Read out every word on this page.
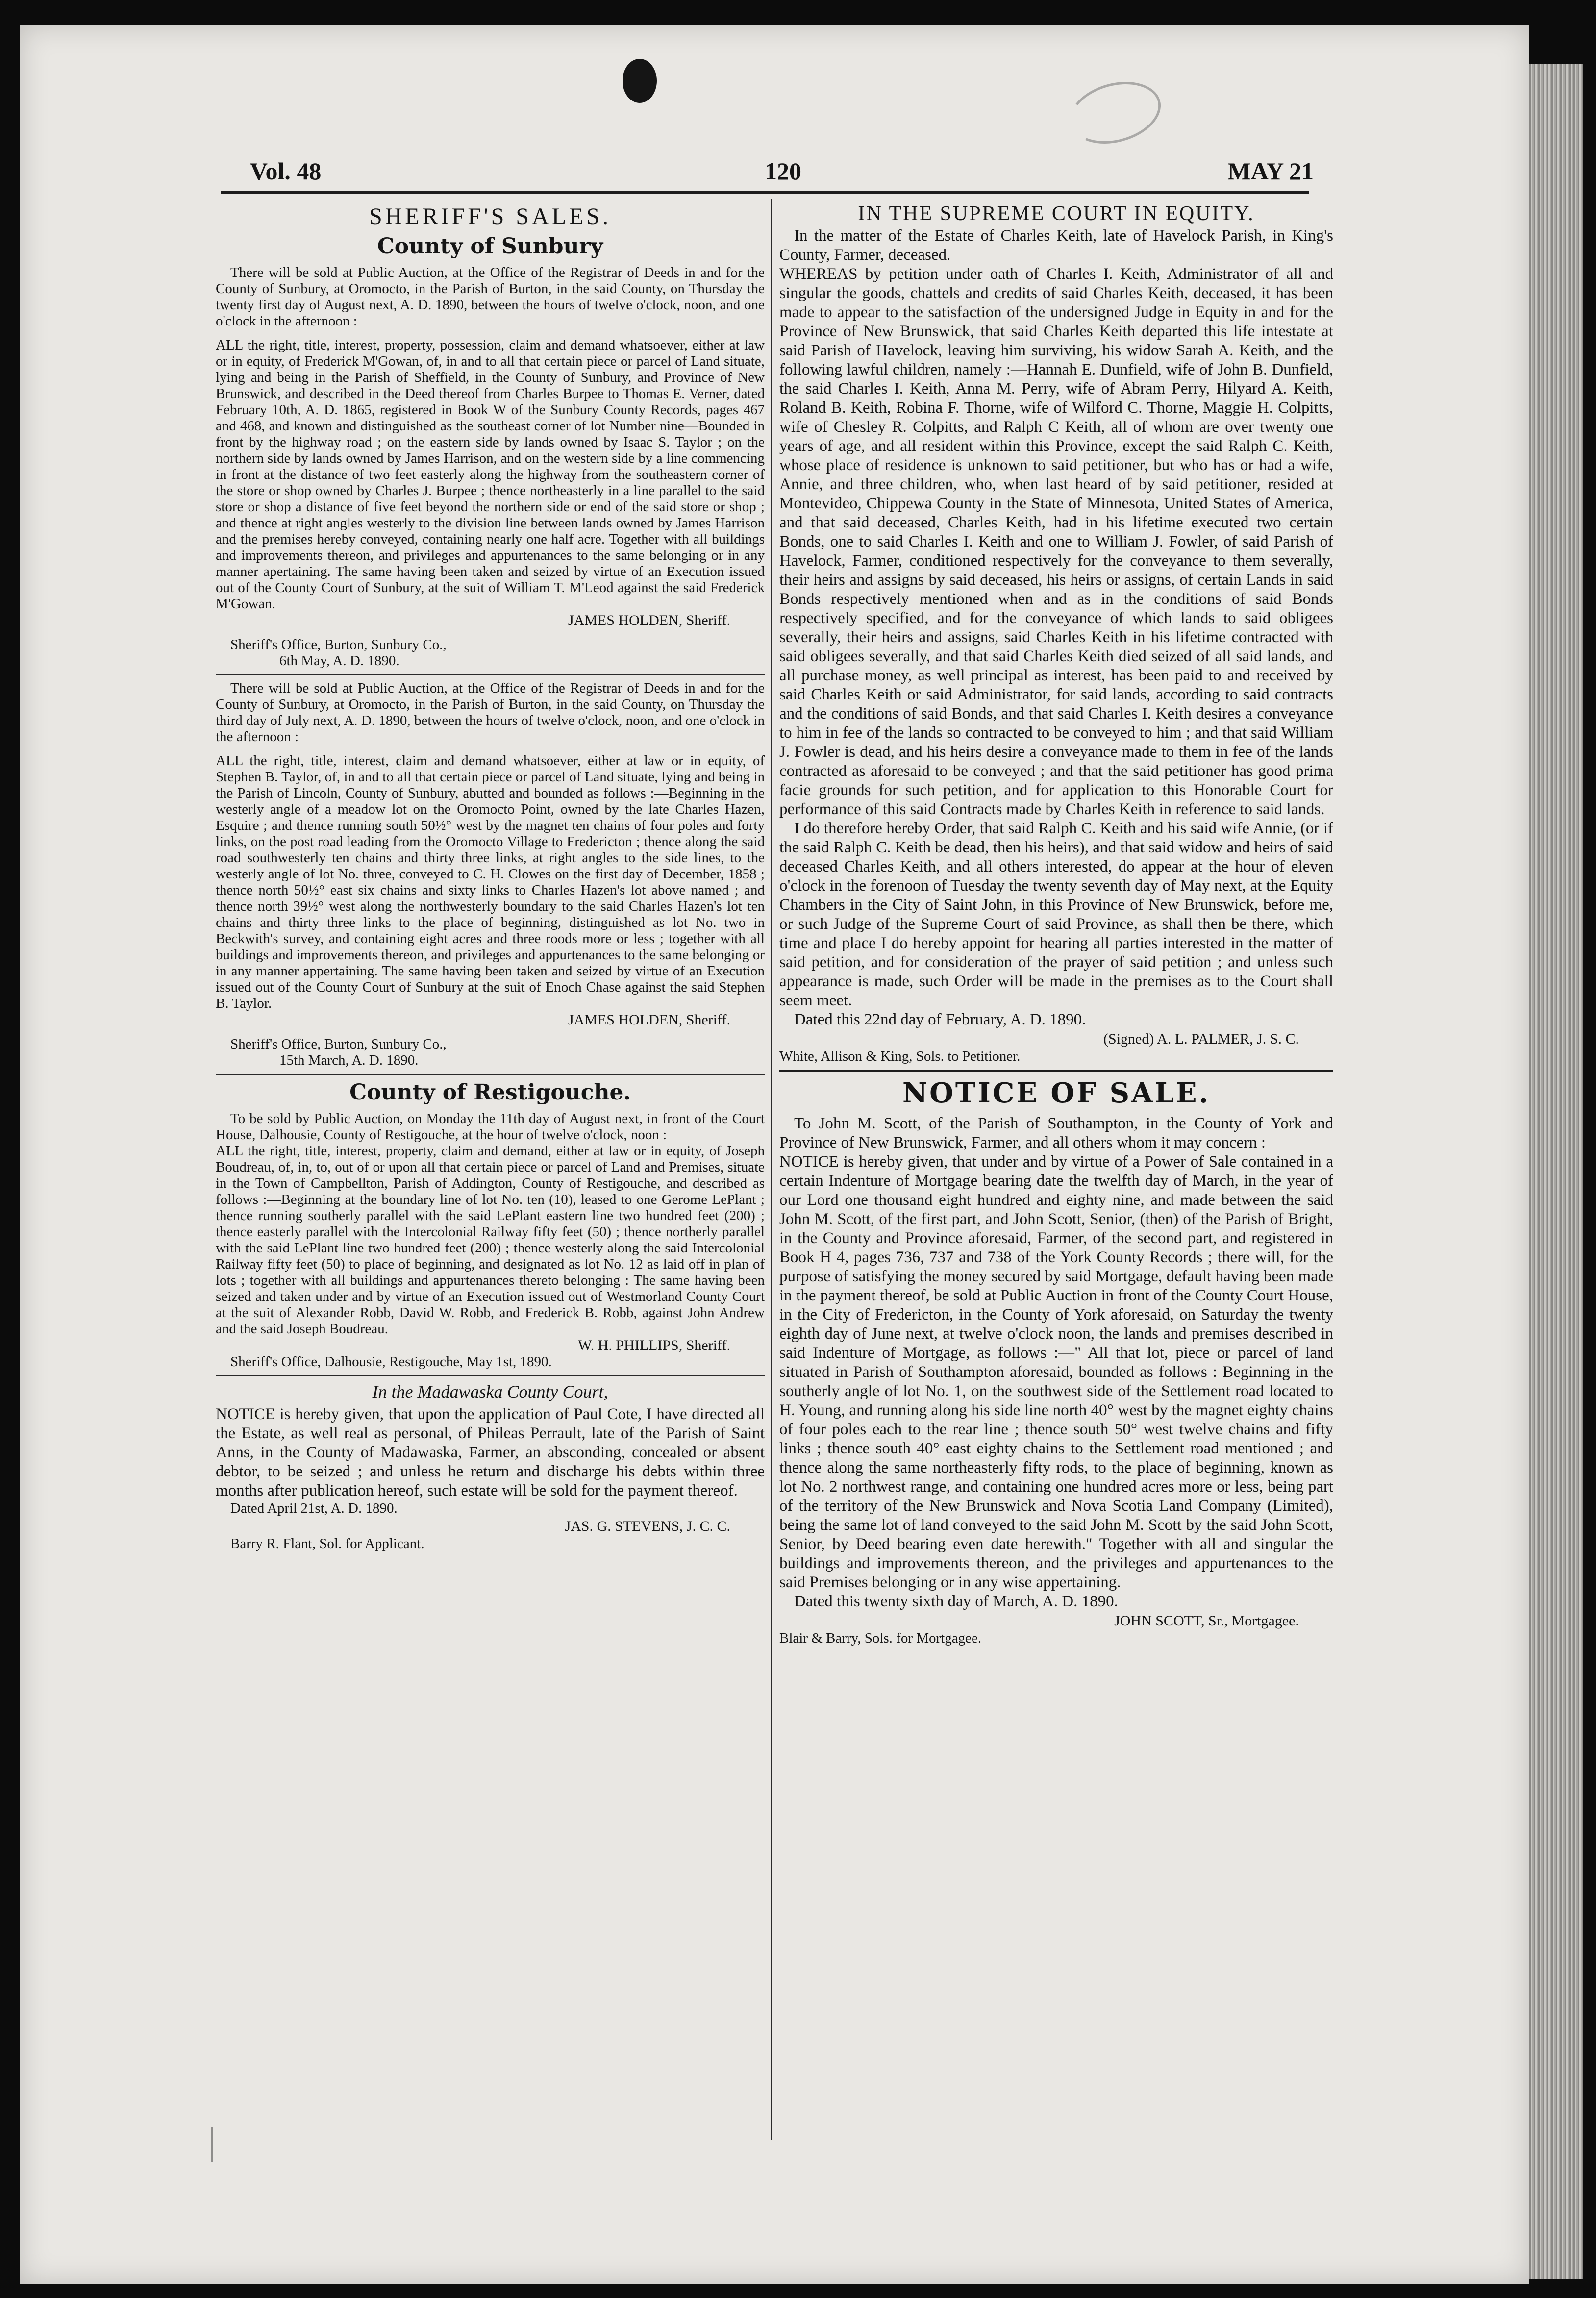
Vol. 48	120	MAY 21
SHERIFF'S SALES.
County of Sunbury

There will be sold at Public Auction, at the Office of the Registrar of Deeds in and for the County of Sunbury, at Oromocto, in the Parish of Burton, in the said County, on Thursday the twenty first day of August next, A. D. 1890, between the hours of twelve o'clock, noon, and one o'clock in the afternoon :

ALL the right, title, interest, property, possession, claim and demand whatsoever, either at law or in equity, of Frederick M'Gowan, of, in and to all that certain piece or parcel of Land situate, lying and being in the Parish of Sheffield, in the County of Sunbury, and Province of New Brunswick, and described in the Deed thereof from Charles Burpee to Thomas E. Verner, dated February 10th, A. D. 1865, registered in Book W of the Sunbury County Records, pages 467 and 468, and known and distinguished as the southeast corner of lot Number nine—Bounded in front by the highway road ; on the eastern side by lands owned by Isaac S. Taylor ; on the northern side by lands owned by James Harrison, and on the western side by a line commencing in front at the distance of two feet easterly along the highway from the southeastern corner of the store or shop owned by Charles J. Burpee ; thence northeasterly in a line parallel to the said store or shop a distance of five feet beyond the northern side or end of the said store or shop ; and thence at right angles westerly to the division line between lands owned by James Harrison and the premises hereby conveyed, containing nearly one half acre. Together with all buildings and improvements thereon, and privileges and appurtenances to the same belonging or in any manner apertaining. The same having been taken and seized by virtue of an Execution issued out of the County Court of Sunbury, at the suit of William T. M'Leod against the said Frederick M'Gowan.

JAMES HOLDEN, Sheriff.
Sheriff's Office, Burton, Sunbury Co.,
6th May, A. D. 1890.

There will be sold at Public Auction, at the Office of the Registrar of Deeds in and for the County of Sunbury, at Oromocto, in the Parish of Burton, in the said County, on Thursday the third day of July next, A. D. 1890, between the hours of twelve o'clock, noon, and one o'clock in the afternoon :

ALL the right, title, interest, claim and demand whatsoever, either at law or in equity, of Stephen B. Taylor, of, in and to all that certain piece or parcel of Land situate, lying and being in the Parish of Lincoln, County of Sunbury, abutted and bounded as follows :—Beginning in the westerly angle of a meadow lot on the Oromocto Point, owned by the late Charles Hazen, Esquire ; and thence running south 50½° west by the magnet ten chains of four poles and forty links, on the post road leading from the Oromocto Village to Fredericton ; thence along the said road southwesterly ten chains and thirty three links, at right angles to the side lines, to the westerly angle of lot No. three, conveyed to C. H. Clowes on the first day of December, 1858 ; thence north 50½° east six chains and sixty links to Charles Hazen's lot above named ; and thence north 39½° west along the northwesterly boundary to the said Charles Hazen's lot ten chains and thirty three links to the place of beginning, distinguished as lot No. two in Beckwith's survey, and containing eight acres and three roods more or less ; together with all buildings and improvements thereon, and privileges and appurtenances to the same belonging or in any manner appertaining. The same having been taken and seized by virtue of an Execution issued out of the County Court of Sunbury at the suit of Enoch Chase against the said Stephen B. Taylor.

JAMES HOLDEN, Sheriff.
Sheriff's Office, Burton, Sunbury Co.,
15th March, A. D. 1890.
County of Restigouche.

To be sold by Public Auction, on Monday the 11th day of August next, in front of the Court House, Dalhousie, County of Restigouche, at the hour of twelve o'clock, noon :

ALL the right, title, interest, property, claim and demand, either at law or in equity, of Joseph Boudreau, of, in, to, out of or upon all that certain piece or parcel of Land and Premises, situate in the Town of Campbellton, Parish of Addington, County of Restigouche, and described as follows :—Beginning at the boundary line of lot No. ten (10), leased to one Gerome LePlant ; thence running southerly parallel with the said LePlant eastern line two hundred feet (200) ; thence easterly parallel with the Intercolonial Railway fifty feet (50) ; thence northerly parallel with the said LePlant line two hundred feet (200) ; thence westerly along the said Intercolonial Railway fifty feet (50) to place of beginning, and designated as lot No. 12 as laid off in plan of lots ; together with all buildings and appurtenances thereto belonging : The same having been seized and taken under and by virtue of an Execution issued out of Westmorland County Court at the suit of Alexander Robb, David W. Robb, and Frederick B. Robb, against John Andrew and the said Joseph Boudreau.

W. H. PHILLIPS, Sheriff.
Sheriff's Office, Dalhousie, Restigouche, May 1st, 1890.
In the Madawaska County Court,

NOTICE is hereby given, that upon the application of Paul Cote, I have directed all the Estate, as well real as personal, of Phileas Perrault, late of the Parish of Saint Anns, in the County of Madawaska, Farmer, an absconding, concealed or absent debtor, to be seized ; and unless he return and discharge his debts within three months after publication hereof, such estate will be sold for the payment thereof.

Dated April 21st, A. D. 1890.
JAS. G. STEVENS, J. C. C.
Barry R. Flant, Sol. for Applicant.
IN THE SUPREME COURT IN EQUITY.

In the matter of the Estate of Charles Keith, late of Havelock Parish, in King's County, Farmer, deceased.

WHEREAS by petition under oath of Charles I. Keith, Administrator of all and singular the goods, chattels and credits of said Charles Keith, deceased, it has been made to appear to the satisfaction of the undersigned Judge in Equity in and for the Province of New Brunswick, that said Charles Keith departed this life intestate at said Parish of Havelock, leaving him surviving, his widow Sarah A. Keith, and the following lawful children, namely :—Hannah E. Dunfield, wife of John B. Dunfield, the said Charles I. Keith, Anna M. Perry, wife of Abram Perry, Hilyard A. Keith, Roland B. Keith, Robina F. Thorne, wife of Wilford C. Thorne, Maggie H. Colpitts, wife of Chesley R. Colpitts, and Ralph C Keith, all of whom are over twenty one years of age, and all resident within this Province, except the said Ralph C. Keith, whose place of residence is unknown to said petitioner, but who has or had a wife, Annie, and three children, who, when last heard of by said petitioner, resided at Montevideo, Chippewa County in the State of Minnesota, United States of America, and that said deceased, Charles Keith, had in his lifetime executed two certain Bonds, one to said Charles I. Keith and one to William J. Fowler, of said Parish of Havelock, Farmer, conditioned respectively for the conveyance to them severally, their heirs and assigns by said deceased, his heirs or assigns, of certain Lands in said Bonds respectively mentioned when and as in the conditions of said Bonds respectively specified, and for the conveyance of which lands to said obligees severally, their heirs and assigns, said Charles Keith in his lifetime contracted with said obligees severally, and that said Charles Keith died seized of all said lands, and all purchase money, as well principal as interest, has been paid to and received by said Charles Keith or said Administrator, for said lands, according to said contracts and the conditions of said Bonds, and that said Charles I. Keith desires a conveyance to him in fee of the lands so contracted to be conveyed to him ; and that said William J. Fowler is dead, and his heirs desire a conveyance made to them in fee of the lands contracted as aforesaid to be conveyed ; and that the said petitioner has good prima facie grounds for such petition, and for application to this Honorable Court for performance of this said Contracts made by Charles Keith in reference to said lands.

I do therefore hereby Order, that said Ralph C. Keith and his said wife Annie, (or if the said Ralph C. Keith be dead, then his heirs), and that said widow and heirs of said deceased Charles Keith, and all others interested, do appear at the hour of eleven o'clock in the forenoon of Tuesday the twenty seventh day of May next, at the Equity Chambers in the City of Saint John, in this Province of New Brunswick, before me, or such Judge of the Supreme Court of said Province, as shall then be there, which time and place I do hereby appoint for hearing all parties interested in the matter of said petition, and for consideration of the prayer of said petition ; and unless such appearance is made, such Order will be made in the premises as to the Court shall seem meet.

Dated this 22nd day of February, A. D. 1890.
(Signed) A. L. PALMER, J. S. C.
White, Allison & King, Sols. to Petitioner.
NOTICE OF SALE.

To John M. Scott, of the Parish of Southampton, in the County of York and Province of New Brunswick, Farmer, and all others whom it may concern :

NOTICE is hereby given, that under and by virtue of a Power of Sale contained in a certain Indenture of Mortgage bearing date the twelfth day of March, in the year of our Lord one thousand eight hundred and eighty nine, and made between the said John M. Scott, of the first part, and John Scott, Senior, (then) of the Parish of Bright, in the County and Province aforesaid, Farmer, of the second part, and registered in Book H 4, pages 736, 737 and 738 of the York County Records ; there will, for the purpose of satisfying the money secured by said Mortgage, default having been made in the payment thereof, be sold at Public Auction in front of the County Court House, in the City of Fredericton, in the County of York aforesaid, on Saturday the twenty eighth day of June next, at twelve o'clock noon, the lands and premises described in said Indenture of Mortgage, as follows :—" All that lot, piece or parcel of land situated in Parish of Southampton aforesaid, bounded as follows : Beginning in the southerly angle of lot No. 1, on the southwest side of the Settlement road located to H. Young, and running along his side line north 40° west by the magnet eighty chains of four poles each to the rear line ; thence south 50° west twelve chains and fifty links ; thence south 40° east eighty chains to the Settlement road mentioned ; and thence along the same northeasterly fifty rods, to the place of beginning, known as lot No. 2 northwest range, and containing one hundred acres more or less, being part of the territory of the New Brunswick and Nova Scotia Land Company (Limited), being the same lot of land conveyed to the said John M. Scott by the said John Scott, Senior, by Deed bearing even date herewith." Together with all and singular the buildings and improvements thereon, and the privileges and appurtenances to the said Premises belonging or in any wise appertaining.

Dated this twenty sixth day of March, A. D. 1890.
JOHN SCOTT, Sr., Mortgagee.
Blair & Barry, Sols. for Mortgagee.
